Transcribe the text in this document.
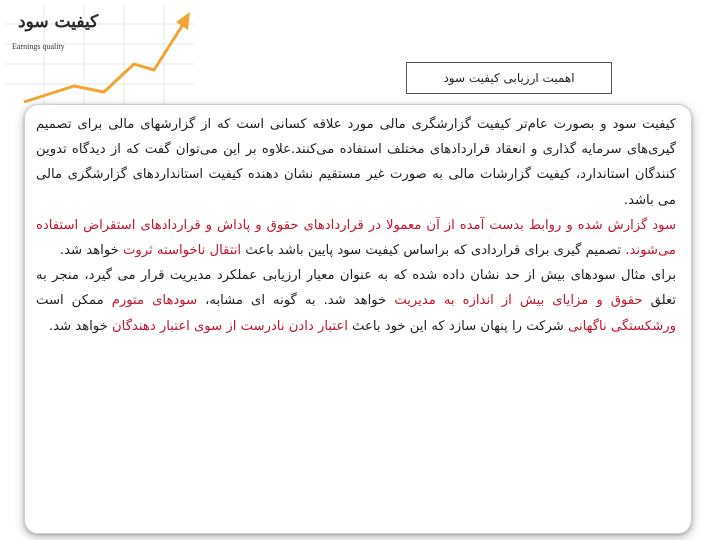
کیفیت سود
Earnings quality
اهمیت ارزیابی کیفیت سود

کیفیت سود و بصورت عام‌تر کیفیت گزارشگری مالی مورد علاقه کسانی است که از گزارشهای مالی برای تصمیم گیری‌های سرمایه گذاری و انعقاد قراردادهای مختلف استفاده می‌کنند.علاوه بر این می‌توان گفت که از دیدگاه تدوین کنندگان استاندارد، کیفیت گزارشات مالی به صورت غیر مستقیم نشان دهنده کیفیت استانداردهای گزارشگری مالی می باشد.

سود گزارش شده و روابط بدست آمده از آن معمولا در قراردادهای حقوق و پاداش و قراردادهای استقراض استفاده می‌شوند. تصمیم گیری برای قراردادی که براساس کیفیت سود پایین باشد باعث انتقال ناخواسته ثروت خواهد شد.

برای مثال سودهای بیش از حد نشان داده شده که به عنوان معیار ارزیابی عملکرد مدیریت قرار می گیرد، منجر به تعلق حقوق و مزایای بیش از اندازه به مدیریت خواهد شد. به گونه ای مشابه، سودهای متورم ممکن است ورشکستگی ناگهانی شرکت را پنهان سازد که این خود باعث اعتبار دادن نادرست از سوی اعتبار دهندگان خواهد شد.
